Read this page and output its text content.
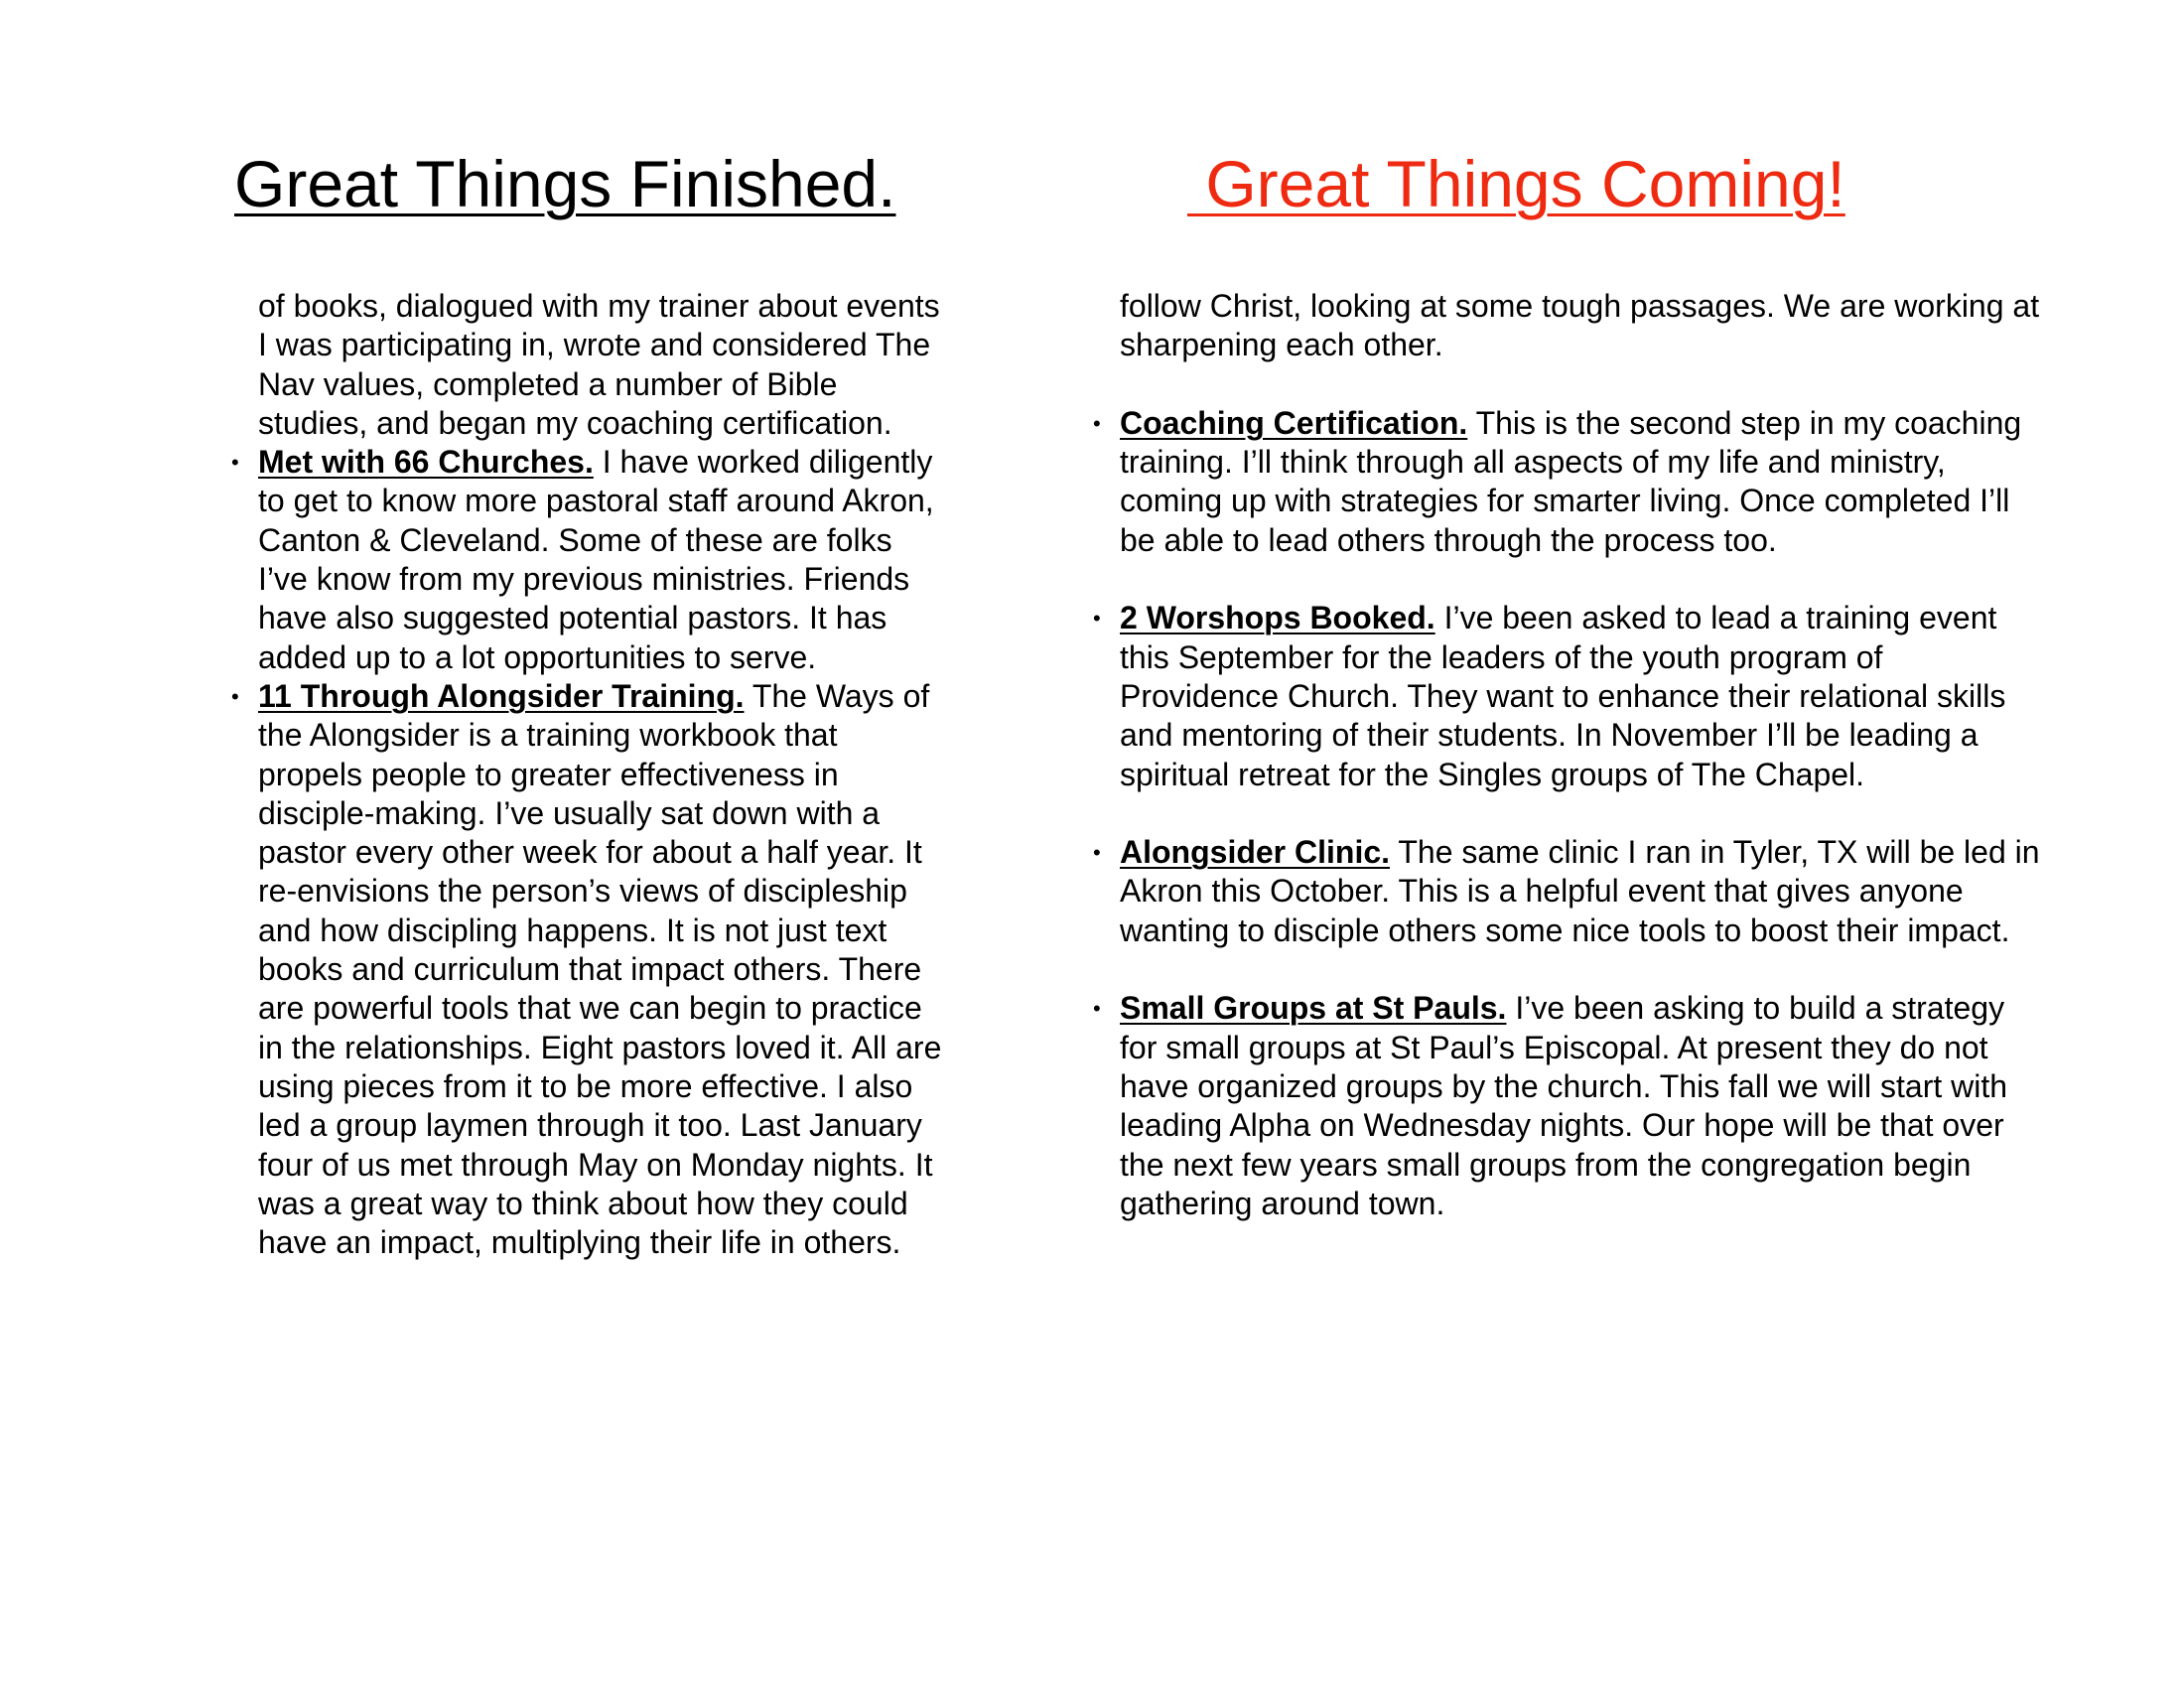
Great Things Finished.	Great Things Coming!

of books, dialogued with my trainer about events I was participating in, wrote and considered The Nav values, completed a number of Bible studies, and began my coaching certification.

• Met with 66 Churches. I have worked diligently to get to know more pastoral staff around Akron, Canton & Cleveland. Some of these are folks I’ve know from my previous ministries. Friends have also suggested potential pastors. It has added up to a lot opportunities to serve.

• 11 Through Alongsider Training. The Ways of the Alongsider is a training workbook that propels people to greater effectiveness in disciple-making. I’ve usually sat down with a pastor every other week for about a half year. It re-envisions the person’s views of discipleship and how discipling happens. It is not just text books and curriculum that impact others. There are powerful tools that we can begin to practice in the relationships. Eight pastors loved it. All are using pieces from it to be more effective. I also led a group laymen through it too. Last January four of us met through May on Monday nights. It was a great way to think about how they could have an impact, multiplying their life in others.

follow Christ, looking at some tough passages. We are working at sharpening each other.

• Coaching Certification. This is the second step in my coaching training. I’ll think through all aspects of my life and ministry, coming up with strategies for smarter living. Once completed I’ll be able to lead others through the process too.

• 2 Worshops Booked. I’ve been asked to lead a training event this September for the leaders of the youth program of Providence Church. They want to enhance their relational skills and mentoring of their students. In November I’ll be leading a spiritual retreat for the Singles groups of The Chapel.

• Alongsider Clinic. The same clinic I ran in Tyler, TX will be led in Akron this October. This is a helpful event that gives anyone wanting to disciple others some nice tools to boost their impact.

• Small Groups at St Pauls. I’ve been asking to build a strategy for small groups at St Paul’s Episcopal. At present they do not have organized groups by the church. This fall we will start with leading Alpha on Wednesday nights. Our hope will be that over the next few years small groups from the congregation begin gathering around town.
